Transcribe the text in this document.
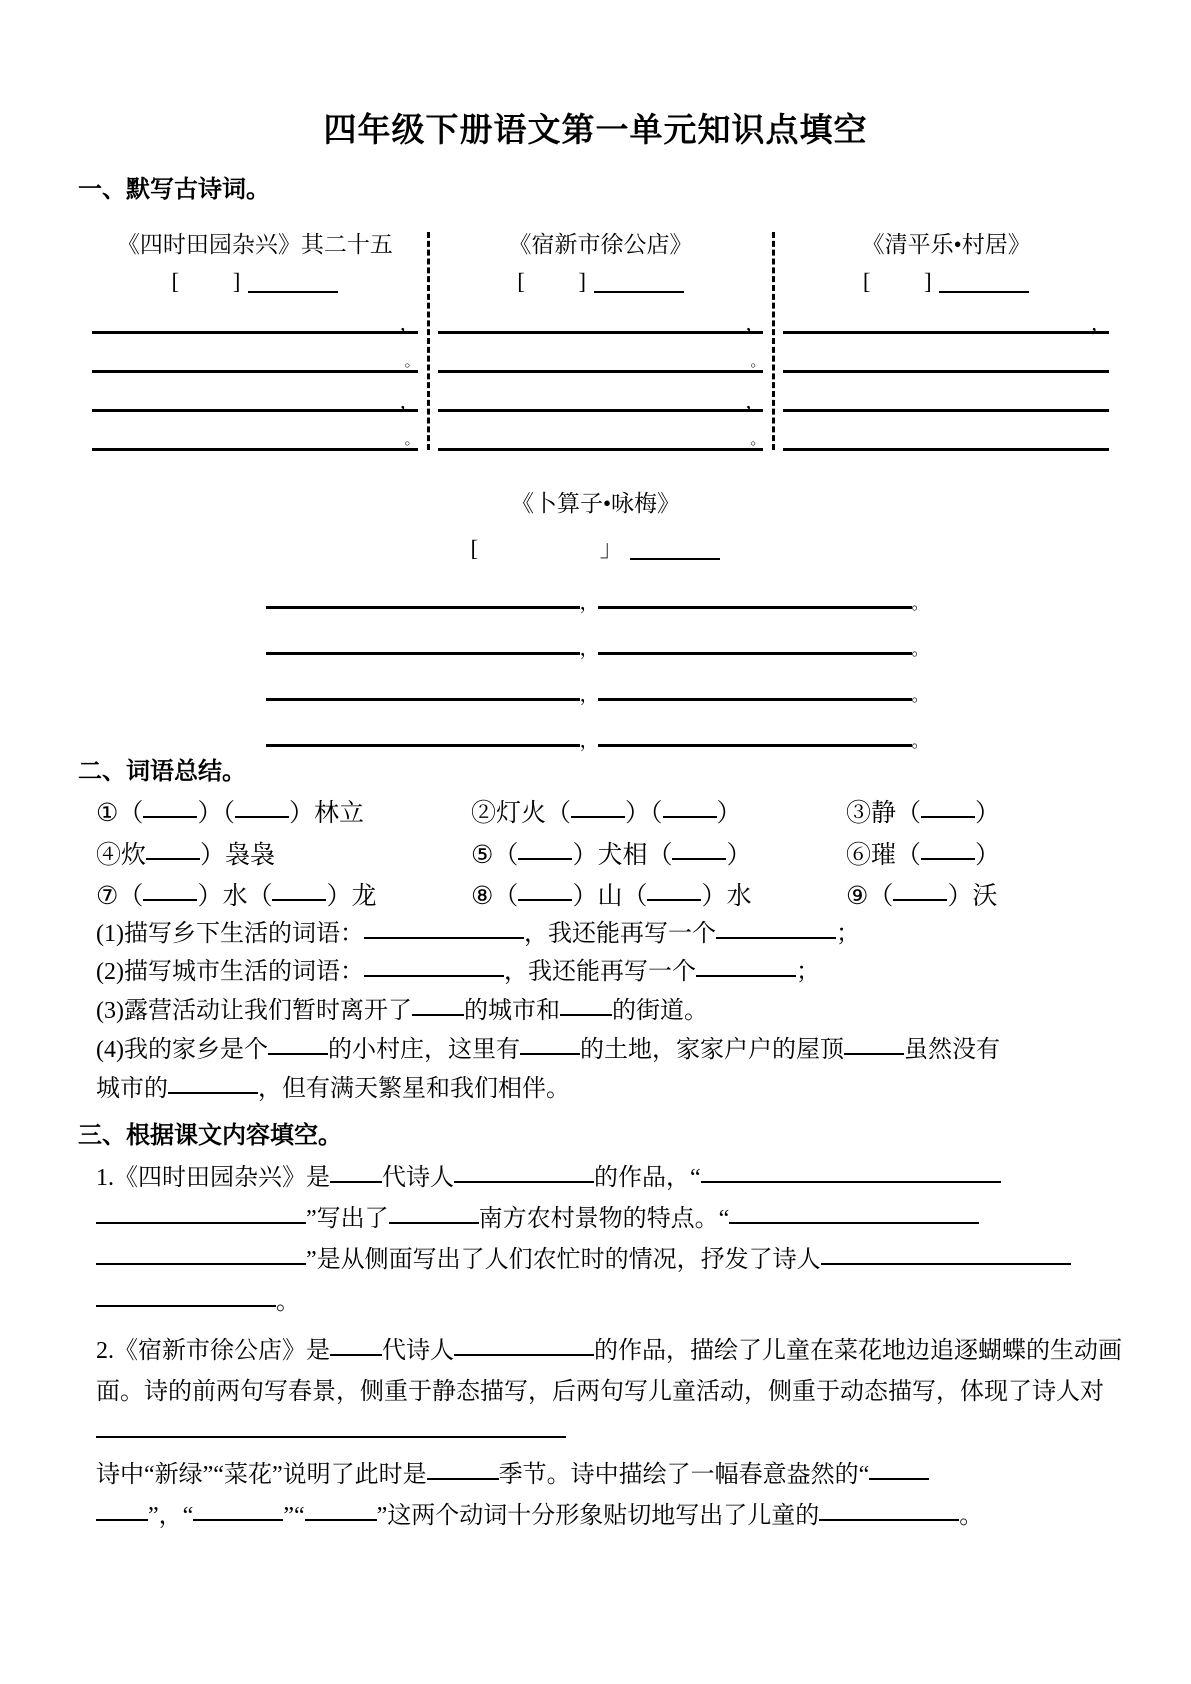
四年级下册语文第一单元知识点填空
一、默写古诗词。
《四时田园杂兴》其二十五
[ ]
，
。
，
。
《宿新市徐公店》
[ ]
，
。
，
。
《清平乐•村居》
[ ]
，
《卜算子•咏梅》
[	」
，	。
，	。
，	。
，	。
二、词语总结。
①（ ）（ ）林立	②灯火（ ）（ ）	③静（ ）
④炊 ）袅袅	⑤（ ）犬相（ ）	⑥璀（ ）
⑦（ ）水（ ）龙	⑧（ ）山（ ）水	⑨（ ）沃

(1)描写乡下生活的词语：	，我还能再写一个	；

(2)描写城市生活的词语：	，我还能再写一个	；

(3)露营活动让我们暂时离开了 的城市和 的街道。

(4)我的家乡是个	的小村庄，这里有	的土地，家家户户的屋顶	虽然没有

城市的	，但有满天繁星和我们相伴。

三、根据课文内容填空。

1.《四时田园杂兴》是 代诗人	的作品，“

”写出了	南方农村景物的特点。“

”是从侧面写出了人们农忙时的情况，抒发了诗人

。

2.《宿新市徐公店》是 代诗人	的作品，描绘了儿童在菜花地边追逐蝴蝶的生动画面。诗的前两句写春景，侧重于静态描写，后两句写儿童活动，侧重于动态描写，体现了诗人对

诗中“新绿”“菜花”说明了此时是	季节。诗中描绘了一幅春意盎然的“

”，“	”“	”这两个动词十分形象贴切地写出了儿童的	。
